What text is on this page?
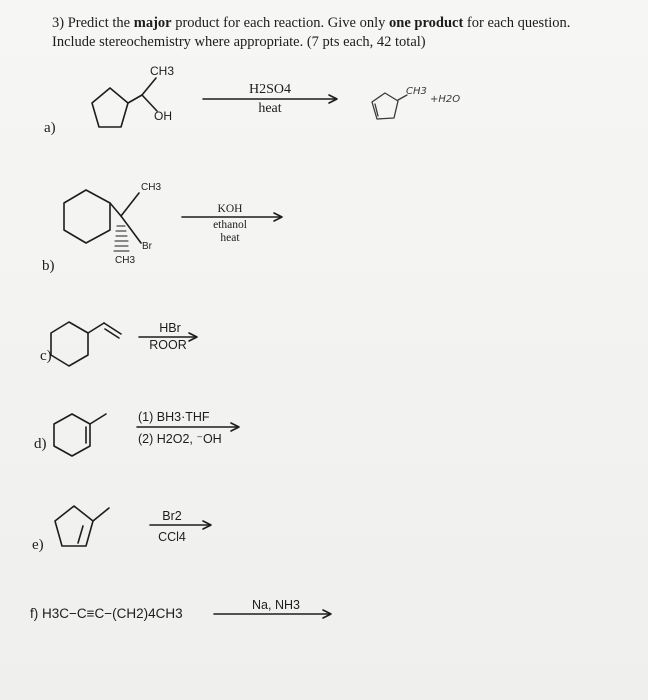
3) Predict the major product for each reaction. Give only one product for each question.
Include stereochemistry where appropriate. (7 pts each, 42 total)
a)
CH3
OH
H2SO4
heat
CH3
+H2O
b)
CH3
Br
CH3
KOH
ethanol
heat
c)
HBr
ROOR
d)
(1) BH3·THF
(2) H2O2, ⁻OH
e)
Br2
CCl4
f) H3C−C≡C−(CH2)4CH3
Na, NH3
